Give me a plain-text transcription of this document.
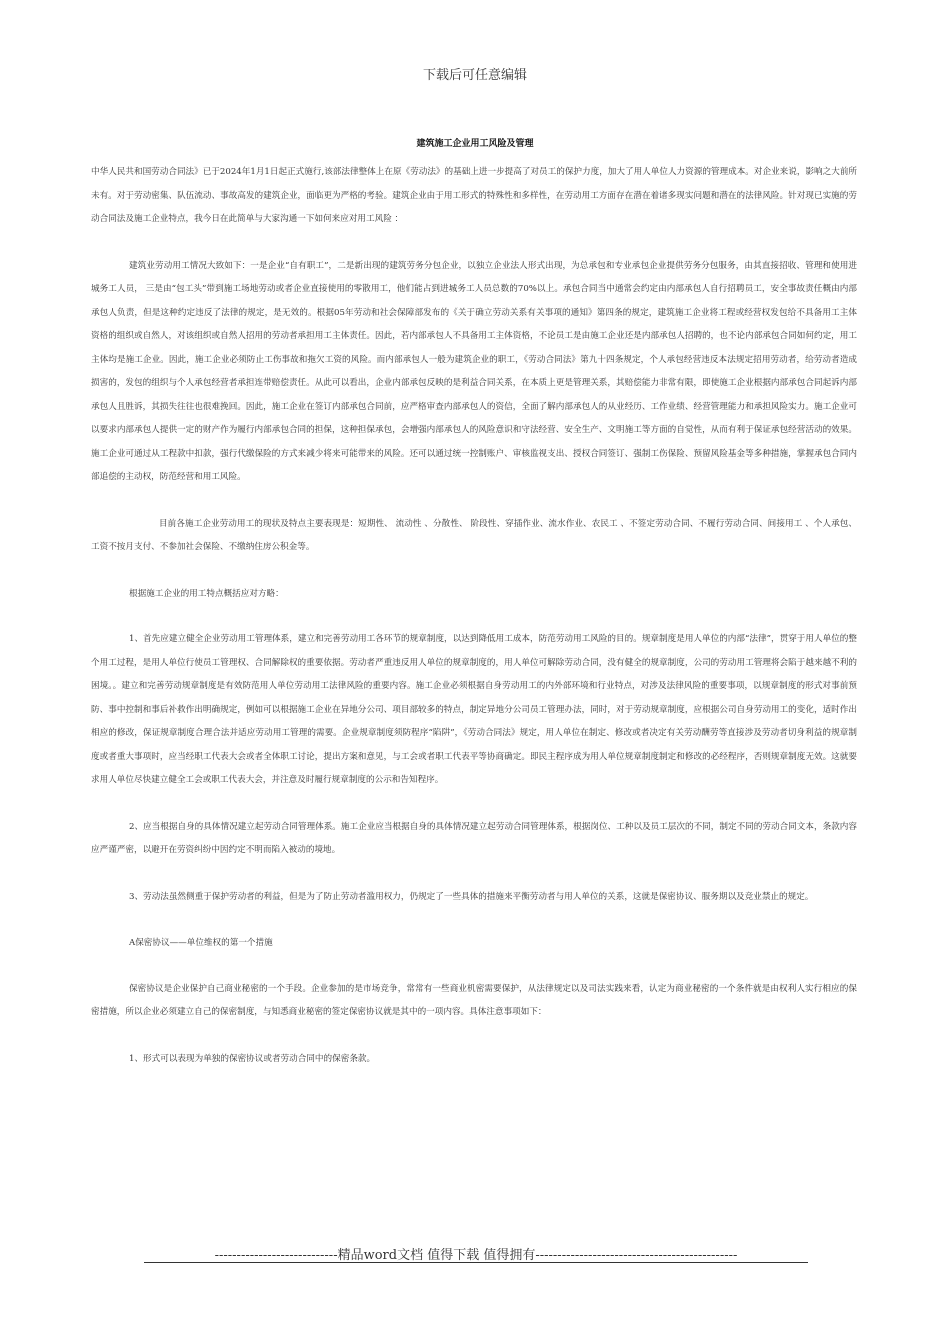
下载后可任意编辑
建筑施工企业用工风险及管理

中华人民共和国劳动合同法》已于2024年1月1日起正式施行,该部法律整体上在原《劳动法》的基础上进一步提高了对员工的保护力度，加大了用人单位人力资源的管理成本。对企业来说，影响之大前所未有。对于劳动密集、队伍流动、事故高发的建筑企业，面临更为严格的考验。建筑企业由于用工形式的特殊性和多样性，在劳动用工方面存在潜在着诸多现实问题和潜在的法律风险。针对现已实施的劳动合同法及施工企业特点，我今日在此简单与大家沟通一下如何来应对用工风险 ：

建筑业劳动用工情况大致如下：一是企业“自有职工”，二是新出现的建筑劳务分包企业，以独立企业法人形式出现，为总承包和专业承包企业提供劳务分包服务，由其直接招收、管理和使用进城务工人员， 三是由“包工头”带到施工场地劳动或者企业直接使用的零散用工，他们能占到进城务工人员总数的70%以上。承包合同当中通常会约定由内部承包人自行招聘员工，安全事故责任概由内部承包人负责，但是这种约定违反了法律的规定，是无效的。根据05年劳动和社会保障部发布的《关于确立劳动关系有关事项的通知》第四条的规定，建筑施工企业将工程或经营权发包给不具备用工主体资格的组织或自然人，对该组织或自然人招用的劳动者承担用工主体责任。因此，若内部承包人不具备用工主体资格，不论员工是由施工企业还是内部承包人招聘的，也不论内部承包合同如何约定，用工主体均是施工企业。因此，施工企业必须防止工伤事故和拖欠工资的风险。而内部承包人一般为建筑企业的职工，《劳动合同法》第九十四条规定，个人承包经营违反本法规定招用劳动者，给劳动者造成损害的，发包的组织与个人承包经营者承担连带赔偿责任。从此可以看出，企业内部承包反映的是利益合同关系，在本质上更是管理关系，其赔偿能力非常有限，即使施工企业根据内部承包合同起诉内部承包人且胜诉，其损失往往也很难挽回。因此，施工企业在签订内部承包合同前，应严格审查内部承包人的资信，全面了解内部承包人的从业经历、工作业绩、经营管理能力和承担风险实力。施工企业可以要求内部承包人提供一定的财产作为履行内部承包合同的担保，这种担保承包，会增强内部承包人的风险意识和守法经营、安全生产、文明施工等方面的自觉性，从而有利于保证承包经营活动的效果。施工企业可通过从工程款中扣款，强行代缴保险的方式来减少将来可能带来的风险。还可以通过统一控制账户、审核监视支出、授权合同签订、强制工伤保险、预留风险基金等多种措施，掌握承包合同内部追偿的主动权，防范经营和用工风险。

目前各施工企业劳动用工的现状及特点主要表现是：短期性、 流动性 、分散性、 阶段性、穿插作业、流水作业、农民工 、不签定劳动合同、不履行劳动合同、间接用工 、个人承包、工资不按月支付、不参加社会保险、不缴纳住房公积金等。

根据施工企业的用工特点概括应对方略：

1、首先应建立健全企业劳动用工管理体系，建立和完善劳动用工各环节的规章制度，以达到降低用工成本，防范劳动用工风险的目的。规章制度是用人单位的内部“法律”，贯穿于用人单位的整个用工过程，是用人单位行使员工管理权、合同解除权的重要依据。劳动者严重违反用人单位的规章制度的，用人单位可解除劳动合同，没有健全的规章制度，公司的劳动用工管理将会陷于越来越不利的困境。。建立和完善劳动规章制度是有效防范用人单位劳动用工法律风险的重要内容。施工企业必须根据自身劳动用工的内外部环境和行业特点，对涉及法律风险的重要事项，以规章制度的形式对事前预防、事中控制和事后补救作出明确规定，例如可以根据施工企业在异地分公司、项目部较多的特点，制定异地分公司员工管理办法，同时，对于劳动规章制度，应根据公司自身劳动用工的变化，适时作出相应的修改，保证规章制度合理合法并适应劳动用工管理的需要。企业规章制度须防程序“陷阱”，《劳动合同法》规定，用人单位在制定、修改或者决定有关劳动酬劳等直接涉及劳动者切身利益的规章制度或者重大事项时，应当经职工代表大会或者全体职工讨论，提出方案和意见，与工会或者职工代表平等协商确定。即民主程序成为用人单位规章制度制定和修改的必经程序，否则规章制度无效。这就要求用人单位尽快建立健全工会或职工代表大会，并注意及时履行规章制度的公示和告知程序。

2、应当根据自身的具体情况建立起劳动合同管理体系。施工企业应当根据自身的具体情况建立起劳动合同管理体系，根据岗位、工种以及员工层次的不同，制定不同的劳动合同文本，条款内容应严谨严密，以避开在劳资纠纷中因约定不明而陷入被动的境地。

3、劳动法虽然侧重于保护劳动者的利益，但是为了防止劳动者滥用权力，仍规定了一些具体的措施来平衡劳动者与用人单位的关系，这就是保密协议、服务期以及竞业禁止的规定。

A保密协议——单位维权的第一个措施

保密协议是企业保护自己商业秘密的一个手段。企业参加的是市场竞争，常常有一些商业机密需要保护，从法律规定以及司法实践来看，认定为商业秘密的一个条件就是由权利人实行相应的保密措施，所以企业必须建立自己的保密制度，与知悉商业秘密的签定保密协议就是其中的一项内容。具体注意事项如下：

1、形式可以表现为单独的保密协议或者劳动合同中的保密条款。

----------------------------精品word文档 值得下载 值得拥有----------------------------------------------
